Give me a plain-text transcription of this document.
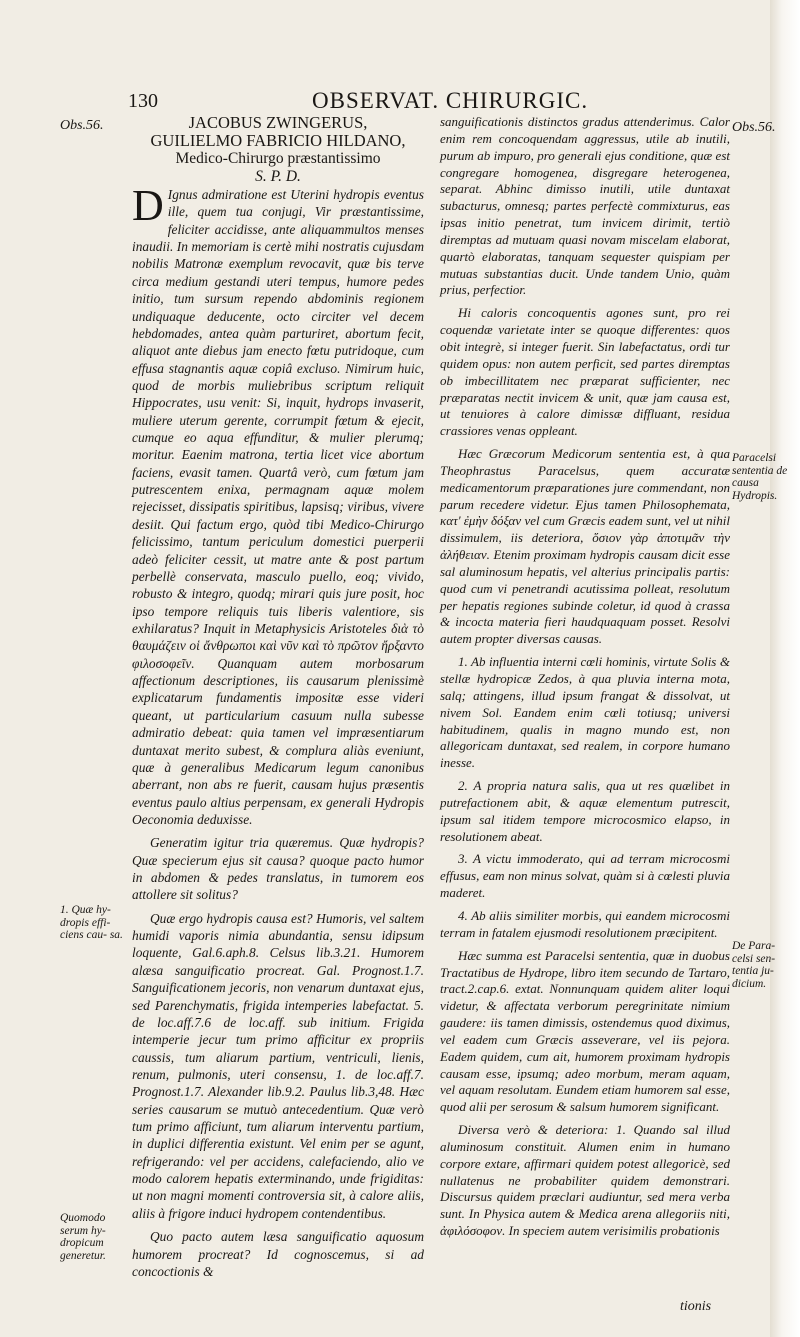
130	OBSERVAT. CHIRURGIC.
Obs.56.	Obs.56.
1. Quæ hy- dropis effi- ciens cau- sa.
Quomodo serum hy- dropicum generetur.
Paracelsi sententia de causa Hydropis.
De Para- celsi sen- tentia ju- dicium.
JACOBUS ZWINGERUS,
GUILIELMO FABRICIO HILDANO,
Medico-Chirurgo præstantissimo
S. P. D.

D Ignus admiratione est Uterini hydropis eventus ille, quem tua conjugi, Vir præstantissime, feliciter accidisse, ante aliquammultos menses inaudii. In memoriam is certè mihi nostratis cujusdam nobilis Matronæ exemplum revocavit, quæ bis terve circa medium gestandi uteri tempus, humore pedes initio, tum sursum rependo abdominis regionem undiquaque deducente, octo circiter vel decem hebdomades, antea quàm parturiret, abortum fecit, aliquot ante diebus jam enecto fœtu putridoque, cum effusa stagnantis aquæ copiâ excluso. Nimirum huic, quod de morbis muliebribus scriptum reliquit Hippocrates, usu venit: Si, inquit, hydrops invaserit, muliere uterum gerente, corrumpit fœtum & ejecit, cumque eo aqua effunditur, & mulier plerumq; moritur. Eaenim matrona, tertia licet vice abortum faciens, evasit tamen. Quartâ verò, cum fœtum jam putrescentem enixa, permagnam aquæ molem rejecisset, dissipatis spiritibus, lapsisq; viribus, vivere desiit. Qui factum ergo, quòd tibi Medico-Chirurgo felicissimo, tantum periculum domestici puerperii adeò feliciter cessit, ut matre ante & post partum perbellè conservata, masculo puello, eoq; vivido, robusto & integro, quodq; mirari quis jure posit, hoc ipso tempore reliquis tuis liberis valentiore, sis exhilaratus? Inquit in Metaphysicis Aristoteles διὰ τὸ θαυμάζειν οἱ ἄνθρωποι καὶ νῦν καὶ τὸ πρῶτον ἤρξαντο φιλοσοφεῖν. Quanquam autem morbosarum affectionum descriptiones, iis causarum plenissimè explicatarum fundamentis impositæ esse videri queant, ut particularium casuum nulla subesse admiratio debeat: quia tamen vel impræsentiarum duntaxat merito subest, & complura aliàs eveniunt, quæ à generalibus Medicarum legum canonibus aberrant, non abs re fuerit, causam hujus præsentis eventus paulo altius perpensam, ex generali Hydropis Oeconomia deduxisse.

Generatim igitur tria quæremus. Quæ hydropis? Quæ specierum ejus sit causa? quoque pacto humor in abdomen & pedes translatus, in tumorem eos attollere sit solitus?

Quæ ergo hydropis causa est? Humoris, vel saltem humidi vaporis nimia abundantia, sensu idipsum loquente, Gal.6.aph.8. Celsus lib.3.21. Humorem alæsa sanguificatio procreat. Gal. Prognost.1.7. Sanguificationem jecoris, non venarum duntaxat ejus, sed Parenchymatis, frigida intemperies labefactat. 5. de loc.aff.7.6 de loc.aff. sub initium. Frigida intemperie jecur tum primo afficitur ex propriis caussis, tum aliarum partium, ventriculi, lienis, renum, pulmonis, uteri consensu, 1. de loc.aff.7. Prognost.1.7. Alexander lib.9.2. Paulus lib.3,48. Hæc series causarum se mutuò antecedentium. Quæ verò tum primo afficiunt, tum aliarum interventu partium, in duplici differentia existunt. Vel enim per se agunt, refrigerando: vel per accidens, calefaciendo, alio ve modo calorem hepatis exterminando, unde frigiditas: ut non magni momenti controversia sit, à calore aliis, aliis à frigore induci hydropem contendentibus.

Quo pacto autem læsa sanguificatio aquosum humorem procreat? Id cognoscemus, si ad concoctionis &

sanguificationis distinctos gradus attenderimus. Calor enim rem concoquendam aggressus, utile ab inutili, purum ab impuro, pro generali ejus conditione, quæ est congregare homogenea, disgregare heterogenea, separat. Abhinc dimisso inutili, utile duntaxat subacturus, omnesq; partes perfectè commixturus, eas ipsas initio penetrat, tum invicem dirimit, tertiò diremptas ad mutuam quasi novam miscelam elaborat, quartò elaboratas, tanquam sequester quispiam per mutuas substantias ducit. Unde tandem Unio, quàm prius, perfectior.

Hi caloris concoquentis agones sunt, pro rei coquendæ varietate inter se quoque differentes: quos obit integrè, si integer fuerit. Sin labefactatus, ordi tur quidem opus: non autem perficit, sed partes diremptas ob imbecillitatem nec præparat sufficienter, nec præparatas nectit invicem & unit, quæ jam causa est, ut tenuiores à calore dimissæ diffluant, residua crassiores venas oppleant.

Hæc Græcorum Medicorum sententia est, à qua Theophrastus Paracelsus, quem accuratæ medicamentorum præparationes jure commendant, non parum recedere videtur. Ejus tamen Philosophemata, κατ' ἐμὴν δόξαν vel cum Græcis eadem sunt, vel ut nihil dissimulem, iis deteriora, ὅσιον γὰρ ἀποτιμᾶν τὴν ἀλήθειαν. Etenim proximam hydropis causam dicit esse sal aluminosum hepatis, vel alterius principalis partis: quod cum vi penetrandi acutissima polleat, resolutum per hepatis regiones subinde coletur, id quod à crassa & incocta materia fieri haudquaquam posset. Resolvi autem propter diversas causas.

1. Ab influentia interni cœli hominis, virtute Solis & stellæ hydropicæ Zedos, à qua pluvia interna mota, salq; attingens, illud ipsum frangat & dissolvat, ut nivem Sol. Eandem enim cœli totiusq; universi habitudinem, qualis in magno mundo est, non allegoricam duntaxat, sed realem, in corpore humano inesse.

2. A propria natura salis, qua ut res quælibet in putrefactionem abit, & aquæ elementum putrescit, ipsum sal itidem tempore microcosmico elapso, in resolutionem abeat.

3. A victu immoderato, qui ad terram microcosmi effusus, eam non minus solvat, quàm si à cœlesti pluvia maderet.

4. Ab aliis similiter morbis, qui eandem microcosmi terram in fatalem ejusmodi resolutionem præcipitent.

Hæc summa est Paracelsi sententia, quæ in duobus Tractatibus de Hydrope, libro item secundo de Tartaro, tract.2.cap.6. extat. Nonnunquam quidem aliter loqui videtur, & affectata verborum peregrinitate nimium gaudere: iis tamen dimissis, ostendemus quod diximus, vel eadem cum Græcis asseverare, vel iis pejora. Eadem quidem, cum ait, humorem proximam hydropis causam esse, ipsumq; adeo morbum, meram aquam, vel aquam resolutam. Eundem etiam humorem sal esse, quod alii per serosum & salsum humorem significant.

Diversa verò & deteriora: 1. Quando sal illud aluminosum constituit. Alumen enim in humano corpore extare, affirmari quidem potest allegoricè, sed nullatenus ne probabiliter quidem demonstrari. Discursus quidem præclari audiuntur, sed mera verba sunt. In Physica autem & Medica arena allegoriis niti, ἀφιλόσοφον. In speciem autem verisimilis probationis

tionis
